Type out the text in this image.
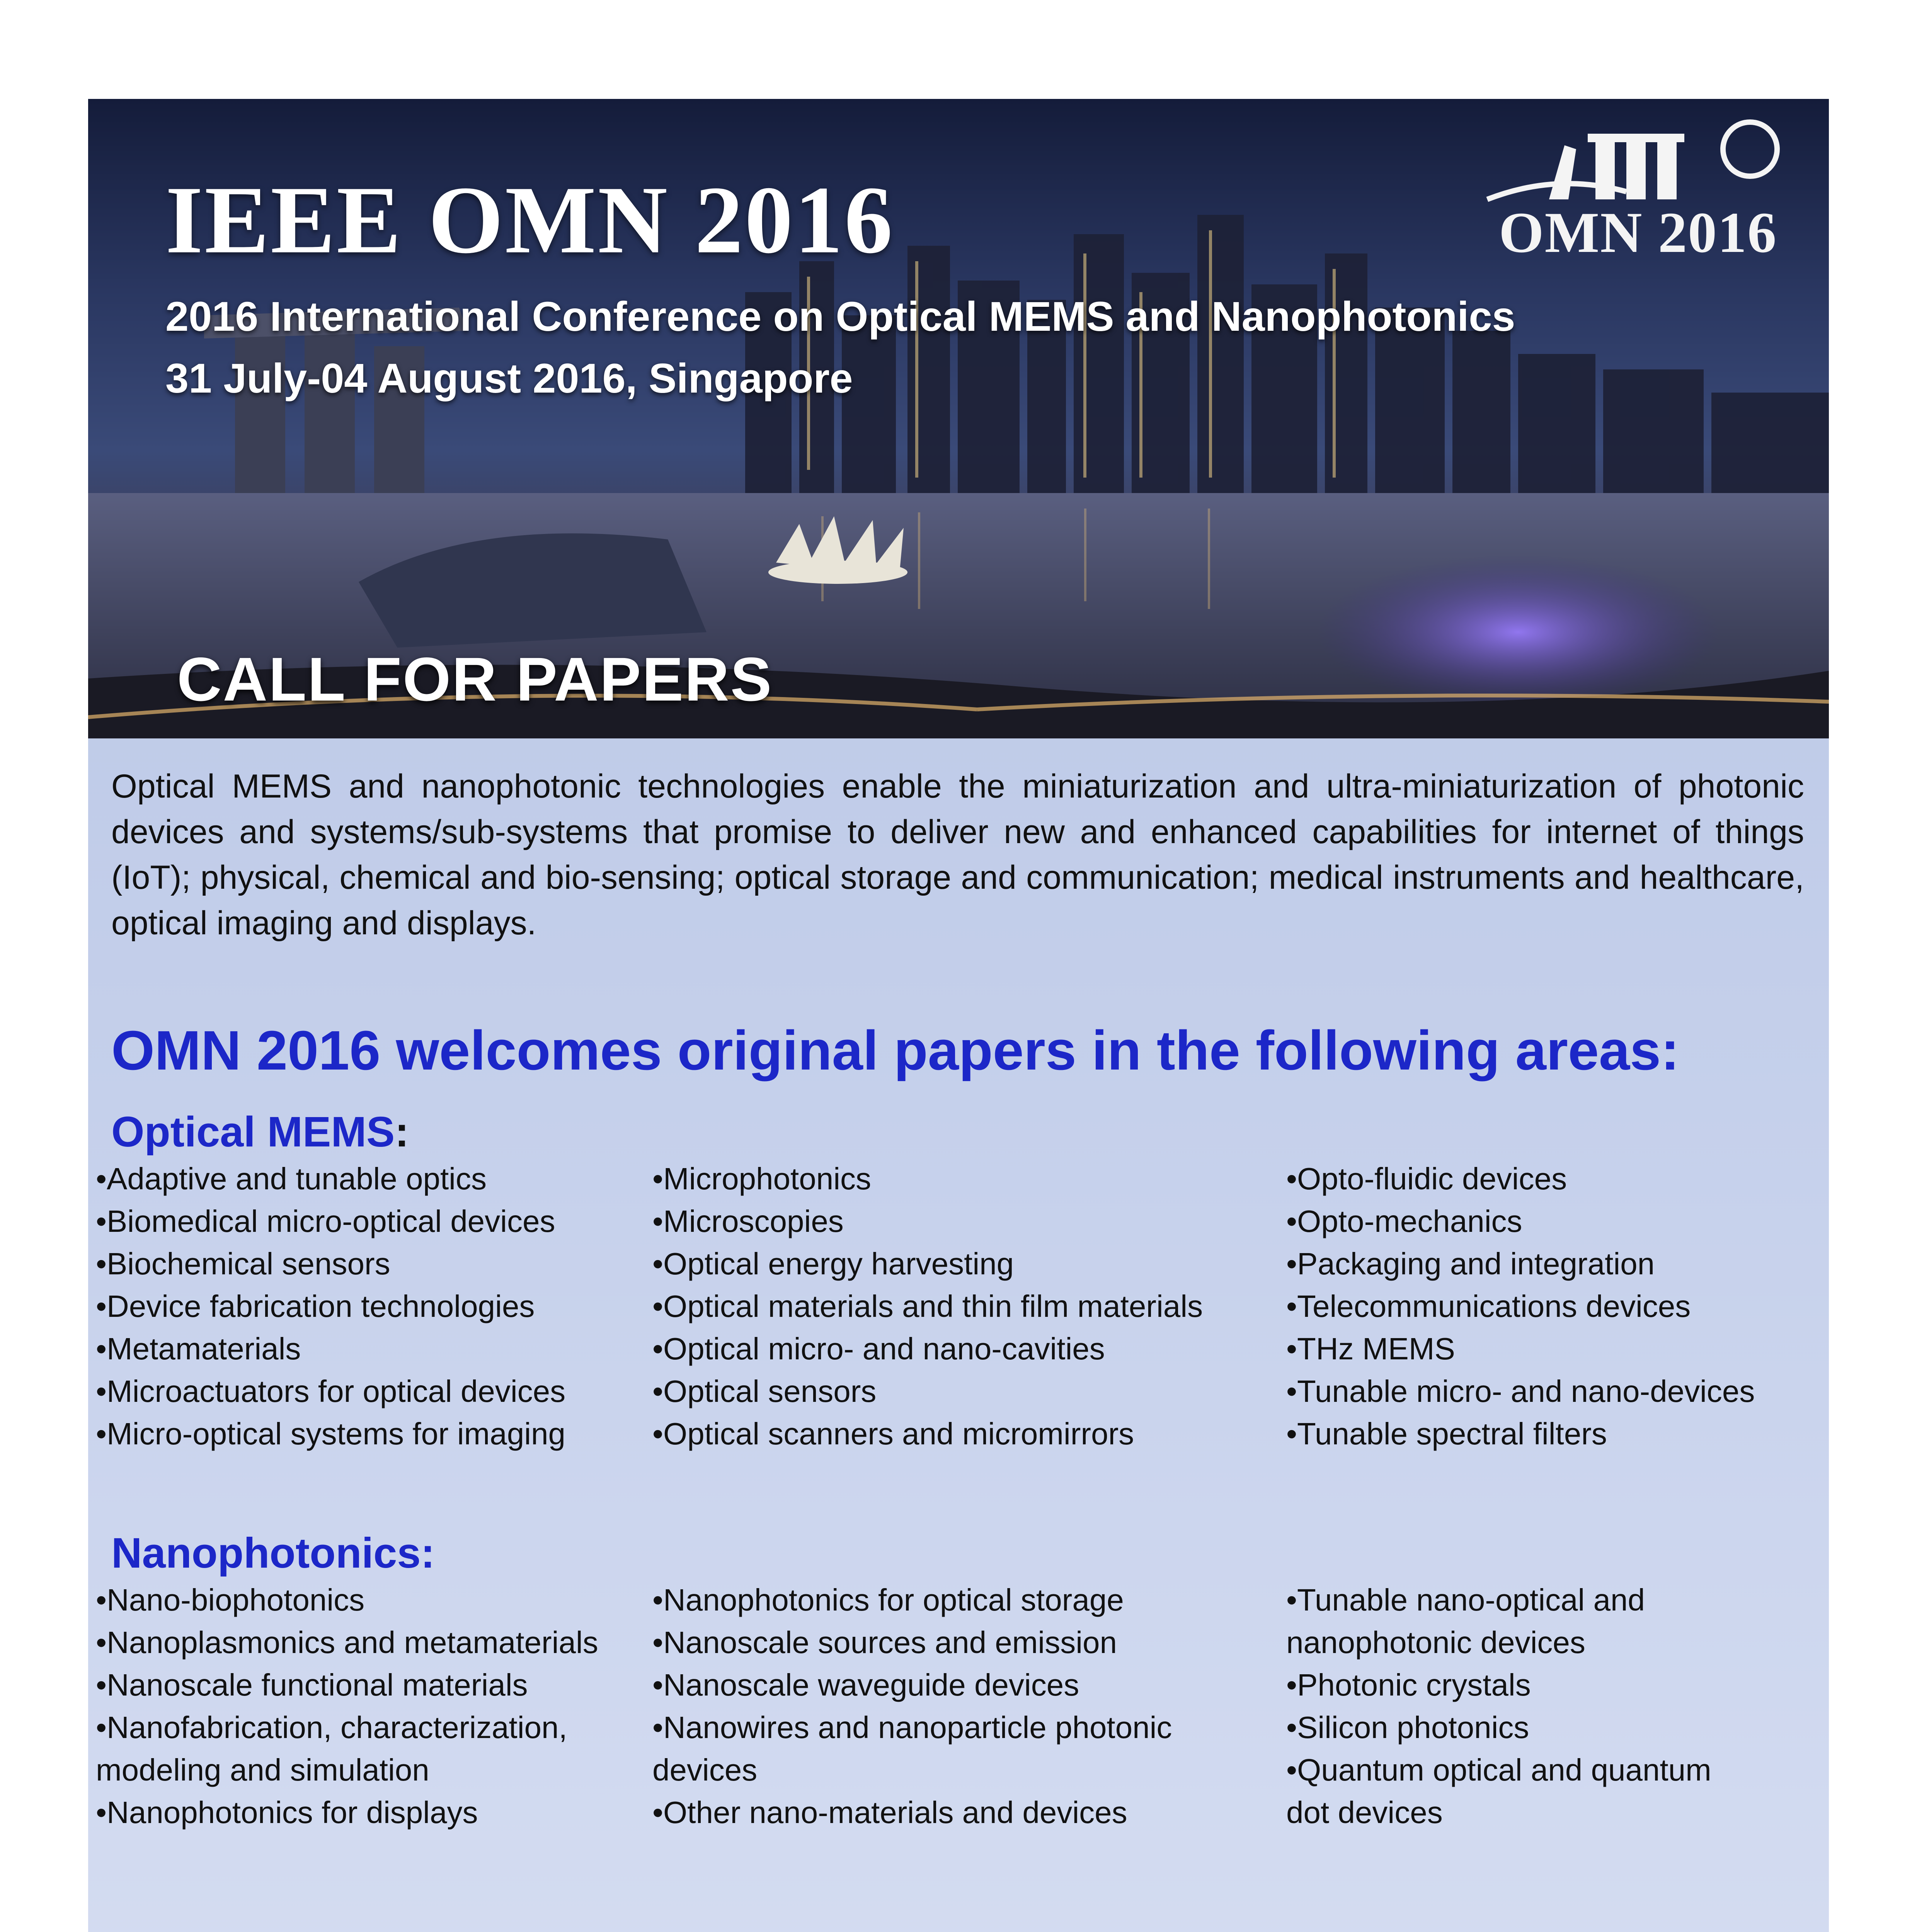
OMN 2016
IEEE OMN 2016
2016 International Conference on Optical MEMS and Nanophotonics
31 July-04 August 2016, Singapore
CALL FOR PAPERS

Optical MEMS and nanophotonic technologies enable the miniaturization and ultra-miniaturization of photonic devices and systems/sub-systems that promise to deliver new and enhanced capabilities for internet of things (IoT); physical, chemical and bio-sensing; optical storage and communication; medical instruments and healthcare, optical imaging and displays.

OMN 2016 welcomes original papers in the following areas:
Optical MEMS:
•Adaptive and tunable optics
•Biomedical micro-optical devices
•Biochemical sensors
•Device fabrication technologies
•Metamaterials
•Microactuators for optical devices
•Micro-optical systems for imaging
•Microphotonics
•Microscopies
•Optical energy harvesting
•Optical materials and thin film materials
•Optical micro- and nano-cavities
•Optical sensors
•Optical scanners and micromirrors
•Opto-fluidic devices
•Opto-mechanics
•Packaging and integration
•Telecommunications devices
•THz MEMS
•Tunable micro- and nano-devices
•Tunable spectral filters
Nanophotonics:
•Nano-biophotonics
•Nanoplasmonics and metamaterials
•Nanoscale functional materials
•Nanofabrication, characterization,
modeling and simulation
•Nanophotonics for displays
•Nanophotonics for optical storage
•Nanoscale sources and emission
•Nanoscale waveguide devices
•Nanowires and nanoparticle photonic
devices
•Other nano-materials and devices
•Tunable nano-optical and
nanophotonic devices
•Photonic crystals
•Silicon photonics
•Quantum optical and quantum
dot devices
